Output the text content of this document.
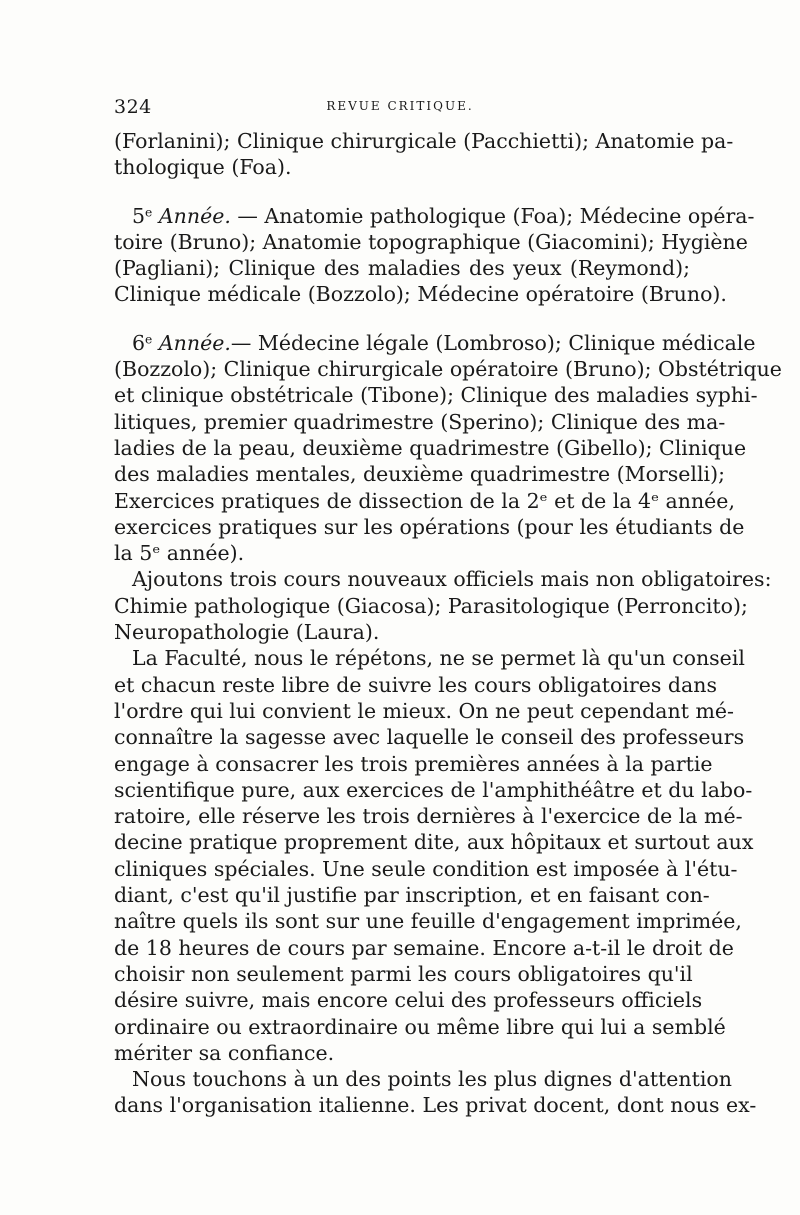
324	REVUE CRITIQUE.
(Forlanini); Clinique chirurgicale (Pacchietti); Anatomie pa-
thologique (Foa).
5e Année. — Anatomie pathologique (Foa); Médecine opéra-
toire (Bruno); Anatomie topographique (Giacomini); Hygiène
(Pagliani); Clinique des maladies des yeux (Reymond);
Clinique médicale (Bozzolo); Médecine opératoire (Bruno).
6e Année.— Médecine légale (Lombroso); Clinique médicale
(Bozzolo); Clinique chirurgicale opératoire (Bruno); Obstétrique
et clinique obstétricale (Tibone); Clinique des maladies syphi-
litiques, premier quadrimestre (Sperino); Clinique des ma-
ladies de la peau, deuxième quadrimestre (Gibello); Clinique
des maladies mentales, deuxième quadrimestre (Morselli);
Exercices pratiques de dissection de la 2ᵉ et de la 4ᵉ année,
exercices pratiques sur les opérations (pour les étudiants de
la 5ᵉ année).
Ajoutons trois cours nouveaux officiels mais non obligatoires:
Chimie pathologique (Giacosa); Parasitologique (Perroncito);
Neuropathologie (Laura).
La Faculté, nous le répétons, ne se permet là qu'un conseil
et chacun reste libre de suivre les cours obligatoires dans
l'ordre qui lui convient le mieux. On ne peut cependant mé-
connaître la sagesse avec laquelle le conseil des professeurs
engage à consacrer les trois premières années à la partie
scientifique pure, aux exercices de l'amphithéâtre et du labo-
ratoire, elle réserve les trois dernières à l'exercice de la mé-
decine pratique proprement dite, aux hôpitaux et surtout aux
cliniques spéciales. Une seule condition est imposée à l'étu-
diant, c'est qu'il justifie par inscription, et en faisant con-
naître quels ils sont sur une feuille d'engagement imprimée,
de 18 heures de cours par semaine. Encore a-t-il le droit de
choisir non seulement parmi les cours obligatoires qu'il
désire suivre, mais encore celui des professeurs officiels
ordinaire ou extraordinaire ou même libre qui lui a semblé
mériter sa confiance.
Nous touchons à un des points les plus dignes d'attention
dans l'organisation italienne. Les privat docent, dont nous ex-
